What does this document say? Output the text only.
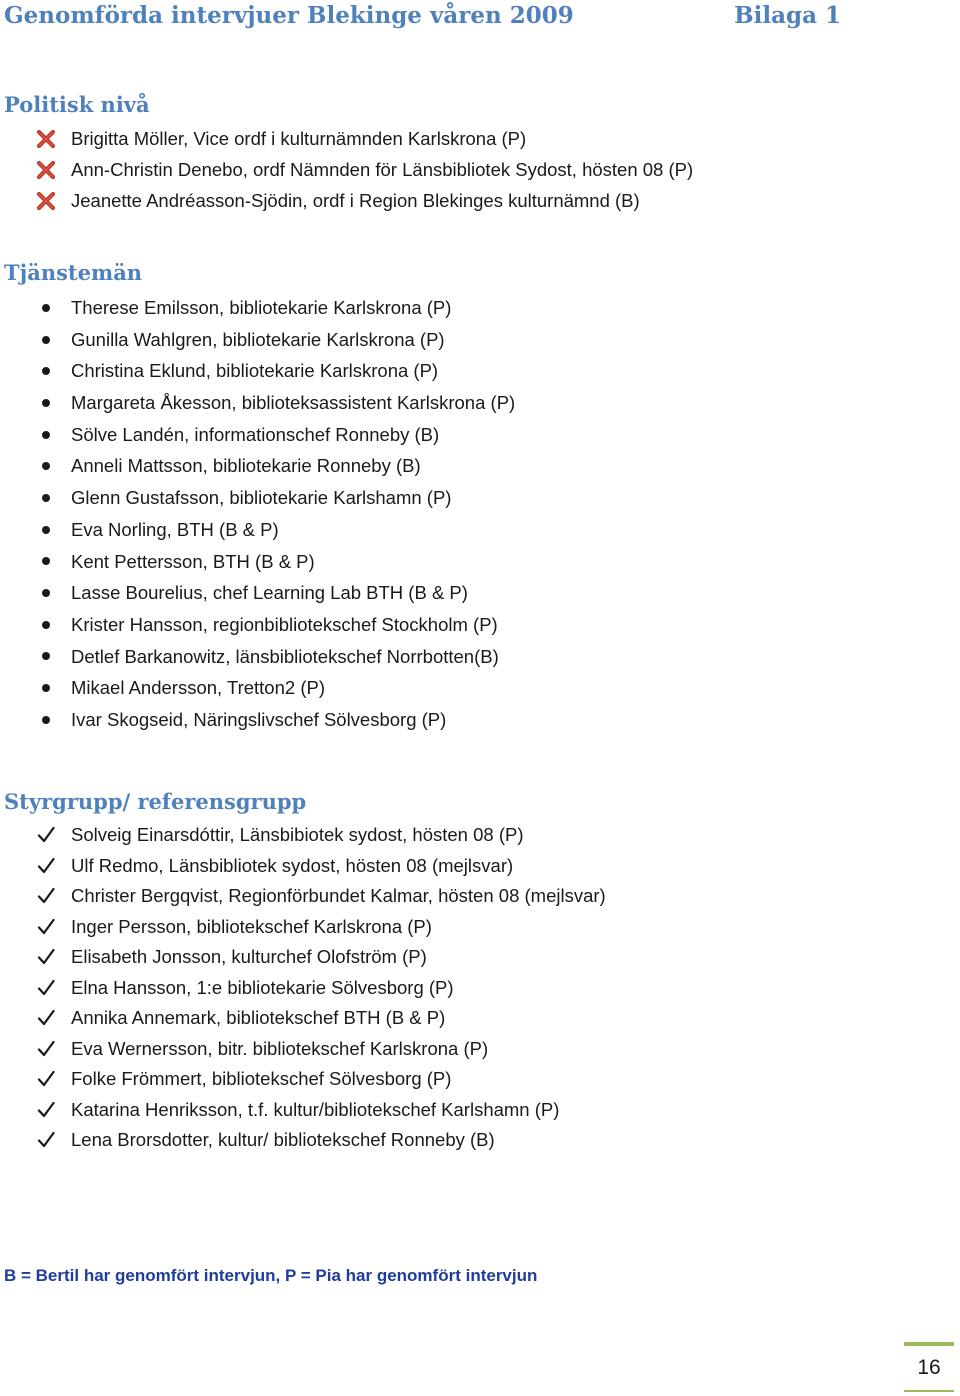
Genomförda intervjuer Blekinge våren 2009	Bilaga 1
Politisk nivå
Brigitta Möller, Vice ordf i kulturnämnden Karlskrona (P)
Ann-Christin Denebo, ordf Nämnden för Länsbibliotek Sydost, hösten 08 (P)
Jeanette Andréasson-Sjödin, ordf i Region Blekinges kulturnämnd (B)
Tjänstemän
Therese Emilsson, bibliotekarie Karlskrona (P)
Gunilla Wahlgren, bibliotekarie Karlskrona (P)
Christina Eklund, bibliotekarie Karlskrona (P)
Margareta Åkesson, biblioteksassistent Karlskrona (P)
Sölve Landén, informationschef Ronneby (B)
Anneli Mattsson, bibliotekarie Ronneby (B)
Glenn Gustafsson, bibliotekarie Karlshamn (P)
Eva Norling, BTH (B & P)
Kent Pettersson, BTH (B & P)
Lasse Bourelius, chef Learning Lab BTH (B & P)
Krister Hansson, regionbibliotekschef Stockholm (P)
Detlef Barkanowitz, länsbibliotekschef Norrbotten(B)
Mikael Andersson, Tretton2 (P)
Ivar Skogseid, Näringslivschef Sölvesborg (P)
Styrgrupp/ referensgrupp
Solveig Einarsdóttir, Länsbibiotek sydost, hösten 08 (P)
Ulf Redmo, Länsbibliotek sydost, hösten 08 (mejlsvar)
Christer Bergqvist, Regionförbundet Kalmar, hösten 08 (mejlsvar)
Inger Persson, bibliotekschef Karlskrona (P)
Elisabeth Jonsson, kulturchef Olofström (P)
Elna Hansson, 1:e bibliotekarie Sölvesborg (P)
Annika Annemark, bibliotekschef BTH (B & P)
Eva Wernersson, bitr. bibliotekschef Karlskrona (P)
Folke Frömmert, bibliotekschef Sölvesborg (P)
Katarina Henriksson, t.f. kultur/bibliotekschef Karlshamn (P)
Lena Brorsdotter, kultur/ bibliotekschef Ronneby (B)
B = Bertil har genomfört intervjun, P = Pia har genomfört intervjun
16
